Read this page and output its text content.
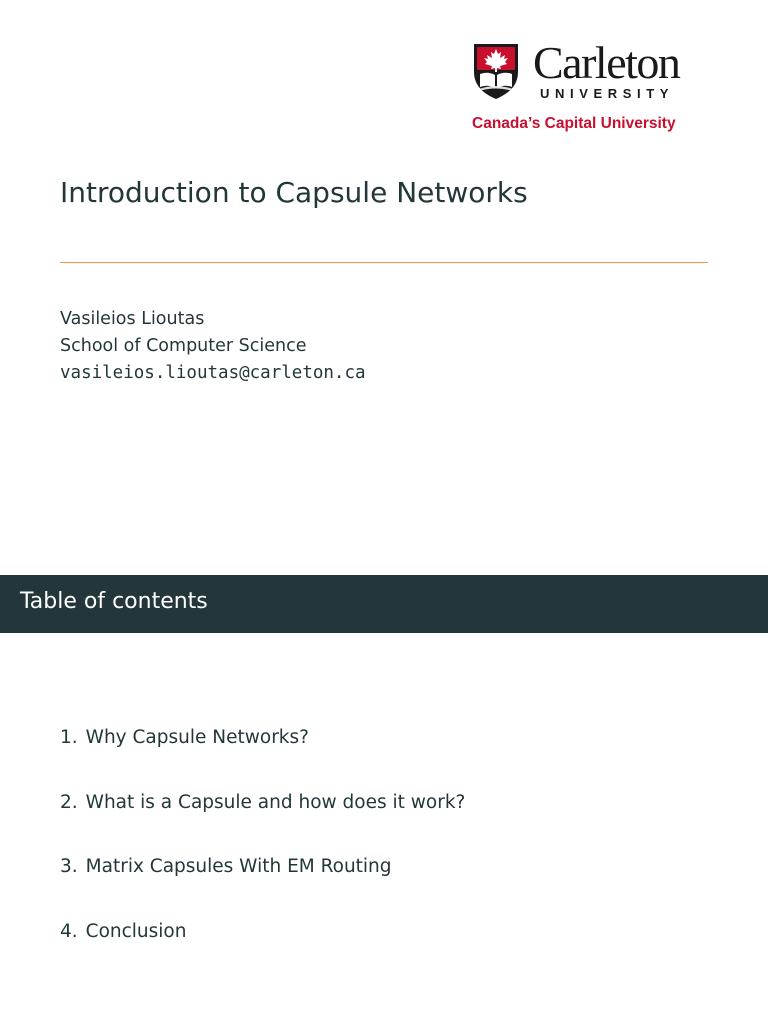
Carleton
UNIVERSITY
Canada’s Capital University
Introduction to Capsule Networks
Vasileios Lioutas
School of Computer Science
vasileios.lioutas@carleton.ca
Table of contents
1. Why Capsule Networks?
2. What is a Capsule and how does it work?
3. Matrix Capsules With EM Routing
4. Conclusion
